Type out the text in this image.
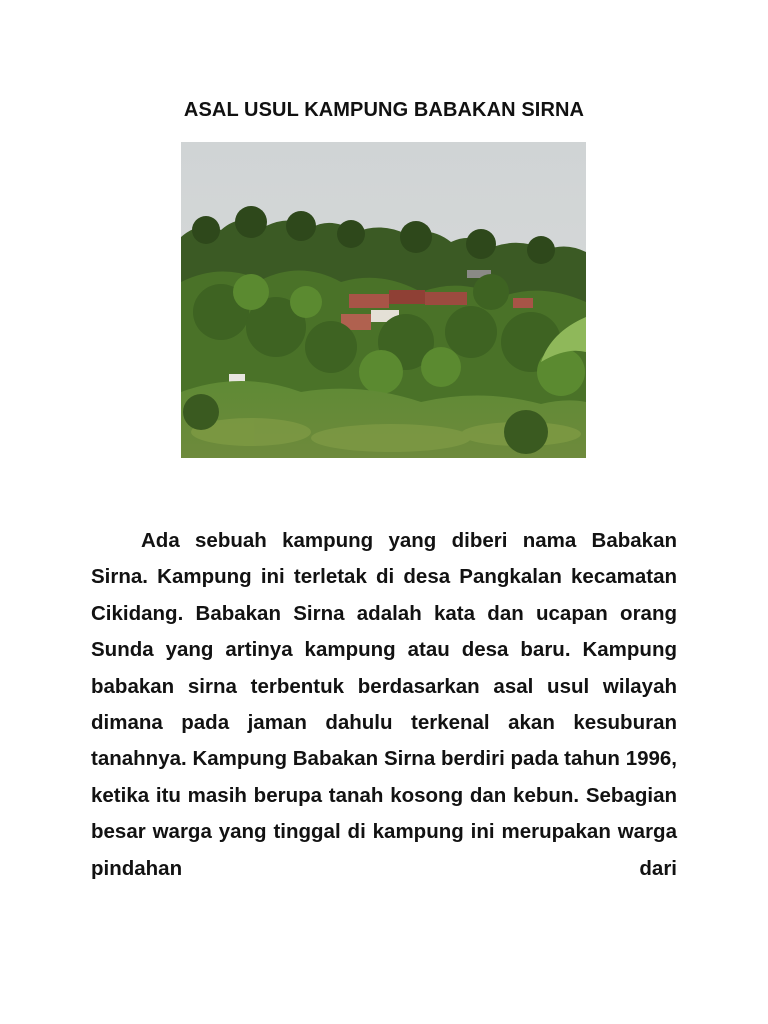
ASAL USUL KAMPUNG BABAKAN SIRNA

Ada sebuah kampung yang diberi nama Babakan Sirna. Kampung ini terletak di desa Pangkalan kecamatan Cikidang. Babakan Sirna adalah kata dan ucapan orang Sunda yang artinya kampung atau desa baru. Kampung babakan sirna terbentuk berdasarkan asal usul wilayah dimana pada jaman dahulu terkenal akan kesuburan tanahnya. Kampung Babakan Sirna berdiri pada tahun 1996, ketika itu masih berupa tanah kosong dan kebun. Sebagian besar warga yang tinggal di kampung ini merupakan warga pindahan dari
